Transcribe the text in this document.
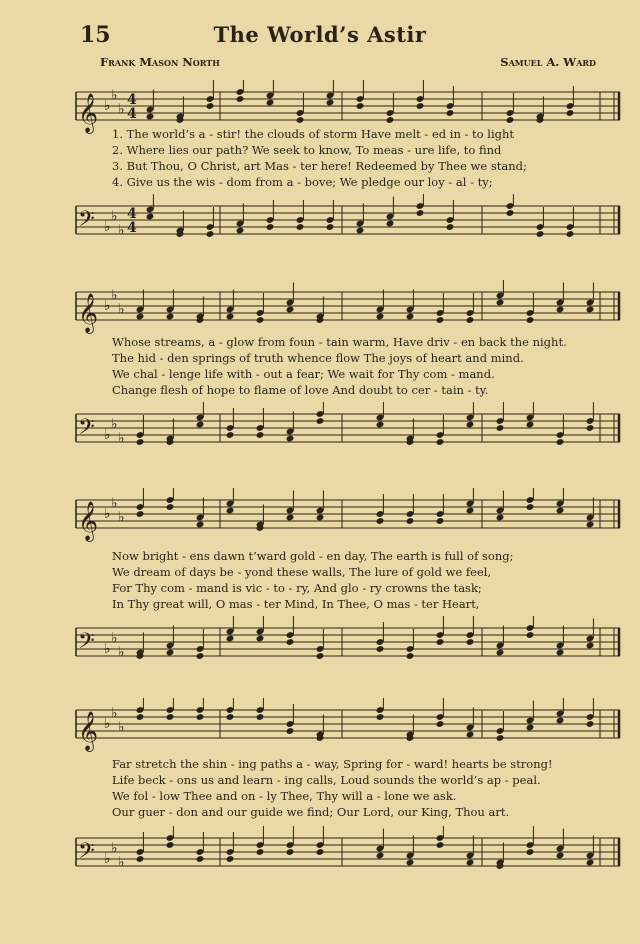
15	The World’s Astir
Frank Mason North	Samuel A. Ward
𝄞 ♭
♭
♭
4
4
1. The world’s a - stir! the clouds of storm Have melt - ed in - to light
2. Where lies our path? We seek to know, To meas - ure life, to find
3. But Thou, O Christ, art Mas - ter here! Redeemed by Thee we stand;
4. Give us the wis - dom from a - bove; We pledge our loy - al - ty;
𝄢 ♭
♭
♭
4
4
𝄞 ♭
♭
♭
Whose streams, a - glow from foun - tain warm, Have driv - en back the night.
The hid - den springs of truth whence flow The joys of heart and mind.
We chal - lenge life with - out a fear; We wait for Thy com - mand.
Change flesh of hope to flame of love And doubt to cer - tain - ty.
𝄢 ♭
♭
♭
𝄞 ♭
♭
♭
Now bright - ens dawn t’ward gold - en day, The earth is full of song;
We dream of days be - yond these walls, The lure of gold we feel,
For Thy com - mand is vic - to - ry, And glo - ry crowns the task;
In Thy great will, O mas - ter Mind, In Thee, O mas - ter Heart,
𝄢 ♭
♭
♭
𝄞 ♭
♭
♭
Far stretch the shin - ing paths a - way, Spring for - ward! hearts be strong!
Life beck - ons us and learn - ing calls, Loud sounds the world’s ap - peal.
We fol - low Thee and on - ly Thee, Thy will a - lone we ask.
Our guer - don and our guide we find; Our Lord, our King, Thou art.
𝄢 ♭
♭
♭
